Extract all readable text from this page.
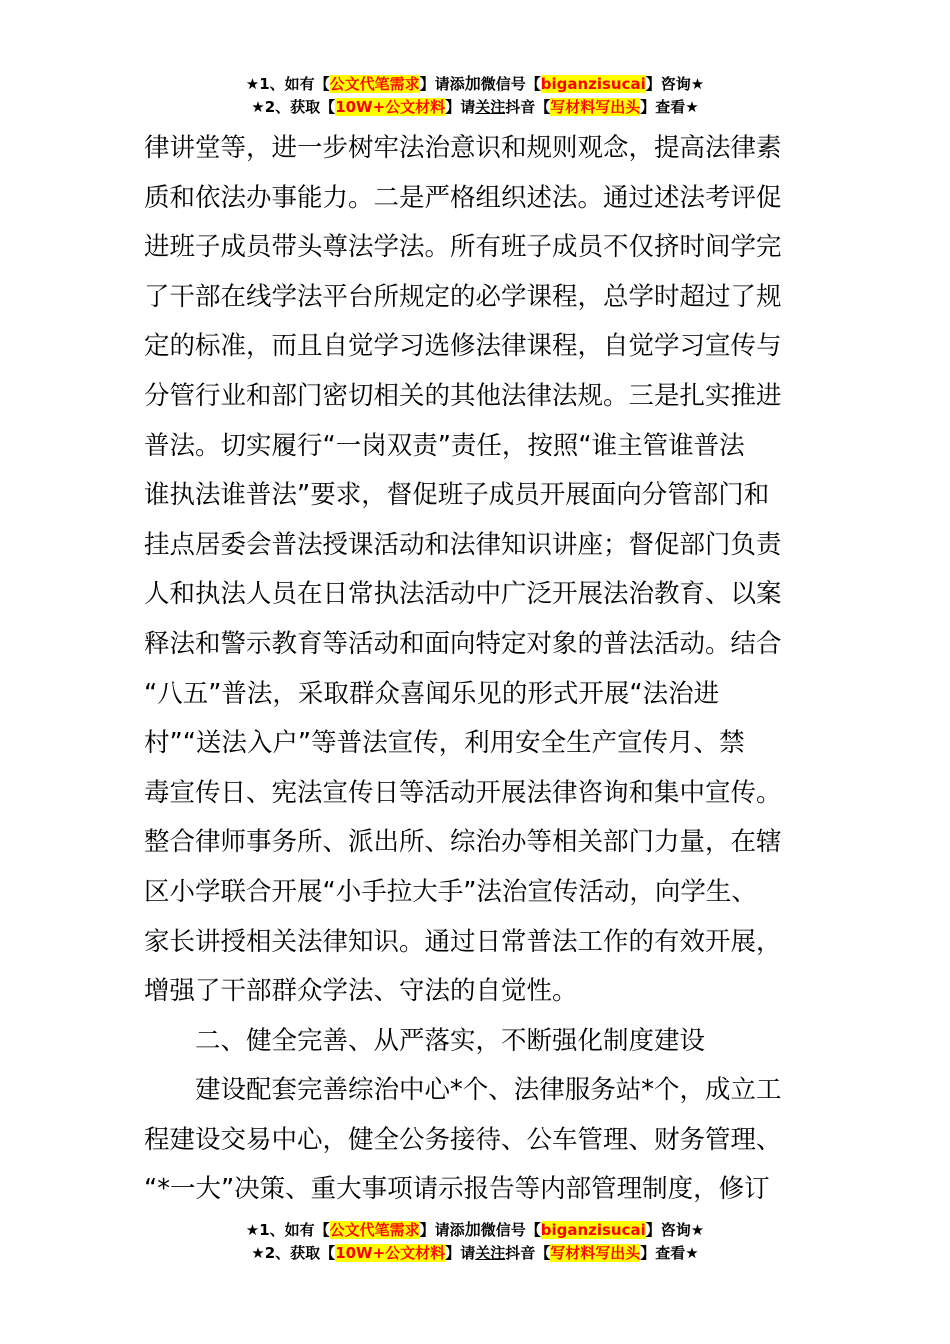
★1、如有【公文代笔需求】请添加微信号【biganzisucai】咨询★
★2、获取【10W+公文材料】请关注抖音【写材料写出头】查看★
律讲堂等，进一步树牢法治意识和规则观念，提高法律素
质和依法办事能力。二是严格组织述法。通过述法考评促
进班子成员带头尊法学法。所有班子成员不仅挤时间学完
了干部在线学法平台所规定的必学课程，总学时超过了规
定的标准，而且自觉学习选修法律课程，自觉学习宣传与
分管行业和部门密切相关的其他法律法规。三是扎实推进
普法。切实履行“一岗双责”责任，按照“谁主管谁普法
谁执法谁普法”要求，督促班子成员开展面向分管部门和
挂点居委会普法授课活动和法律知识讲座；督促部门负责
人和执法人员在日常执法活动中广泛开展法治教育、以案
释法和警示教育等活动和面向特定对象的普法活动。结合
“八五”普法，采取群众喜闻乐见的形式开展“法治进
村”“送法入户”等普法宣传，利用安全生产宣传月、禁
毒宣传日、宪法宣传日等活动开展法律咨询和集中宣传。
整合律师事务所、派出所、综治办等相关部门力量，在辖
区小学联合开展“小手拉大手”法治宣传活动，向学生、
家长讲授相关法律知识。通过日常普法工作的有效开展，
增强了干部群众学法、守法的自觉性。
二、健全完善、从严落实，不断强化制度建设
建设配套完善综治中心*个、法律服务站*个，成立工
程建设交易中心，健全公务接待、公车管理、财务管理、
“*一大”决策、重大事项请示报告等内部管理制度，修订
★1、如有【公文代笔需求】请添加微信号【biganzisucai】咨询★
★2、获取【10W+公文材料】请关注抖音【写材料写出头】查看★
